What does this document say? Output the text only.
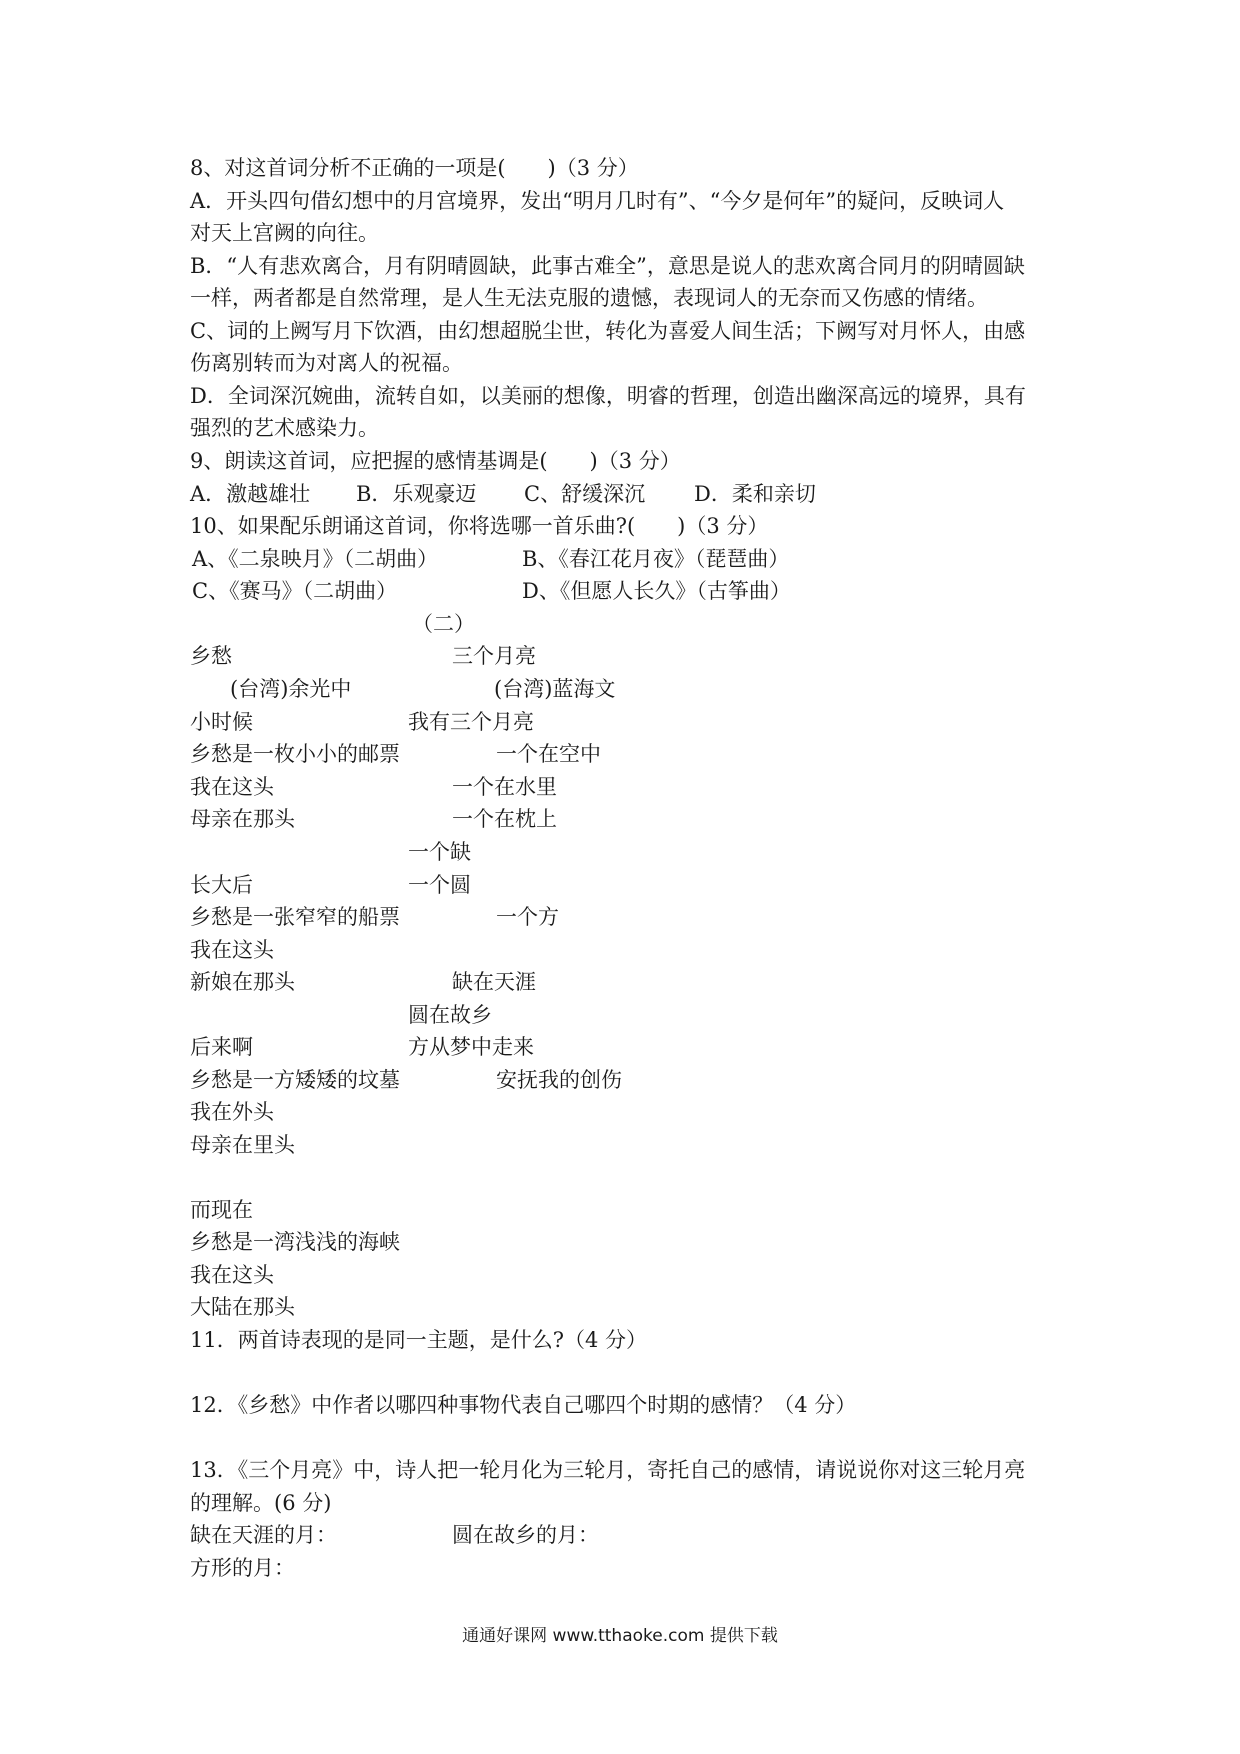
8、对这首词分析不正确的一项是(　　)（3 分）
A．开头四句借幻想中的月宫境界，发出“明月几时有”、“今夕是何年”的疑问，反映词人
对天上宫阙的向往。
B．“人有悲欢离合，月有阴晴圆缺，此事古难全”，意思是说人的悲欢离合同月的阴晴圆缺
一样，两者都是自然常理，是人生无法克服的遗憾，表现词人的无奈而又伤感的情绪。
C、词的上阙写月下饮酒，由幻想超脱尘世，转化为喜爱人间生活；下阙写对月怀人，由感
伤离别转而为对离人的祝福。
D．全词深沉婉曲，流转自如，以美丽的想像，明睿的哲理，创造出幽深高远的境界，具有
强烈的艺术感染力。
9、朗读这首词，应把握的感情基调是(　　)（3 分）
A．激越雄壮 B．乐观豪迈 C、舒缓深沉 D．柔和亲切
10、如果配乐朗诵这首词，你将选哪一首乐曲?(　　)（3 分）
A、《二泉映月》（二胡曲）	B、《春江花月夜》（琵琶曲）
C、《赛马》（二胡曲）	D、《但愿人长久》（古筝曲）
（二）
乡愁
(台湾)余光中
小时候
乡愁是一枚小小的邮票
我在这头
母亲在那头
长大后
乡愁是一张窄窄的船票
我在这头
新娘在那头
后来啊
乡愁是一方矮矮的坟墓
我在外头
母亲在里头
而现在
乡愁是一湾浅浅的海峡
我在这头
大陆在那头
三个月亮
(台湾)蓝海文
我有三个月亮
一个在空中
一个在水里
一个在枕上
一个缺
一个圆
一个方
缺在天涯
圆在故乡
方从梦中走来
安抚我的创伤
11．两首诗表现的是同一主题，是什么?（4 分）
12．《乡愁》中作者以哪四种事物代表自己哪四个时期的感情？（4 分）
13．《三个月亮》中，诗人把一轮月化为三轮月，寄托自己的感情，请说说你对这三轮月亮
的理解。(6 分)
缺在天涯的月：	圆在故乡的月：
方形的月：
通通好课网 www.tthaoke.com 提供下载
